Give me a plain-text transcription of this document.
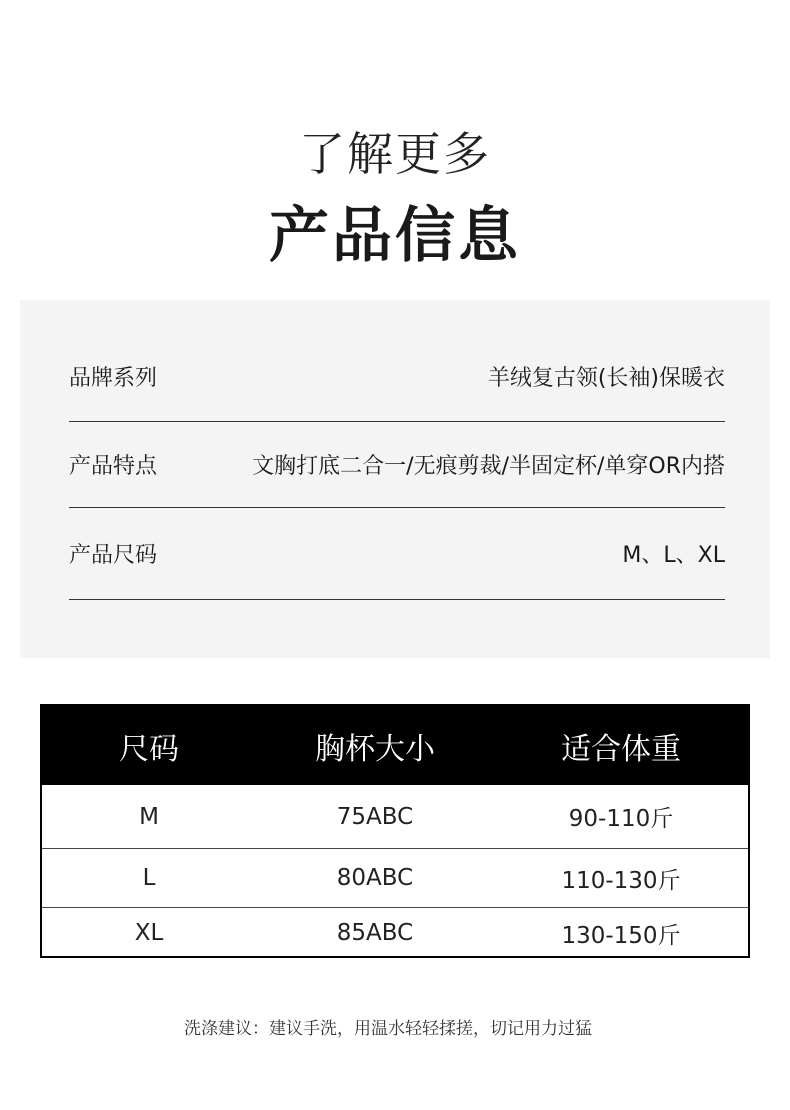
了解更多
产品信息
品牌系列	羊绒复古领(长袖)保暖衣
产品特点	文胸打底二合一/无痕剪裁/半固定杯/单穿OR内搭
产品尺码	M、L、XL
尺码	胸杯大小	适合体重
M	75ABC	90-110斤
L	80ABC	110-130斤
XL	85ABC	130-150斤
洗涤建议：建议手洗，用温水轻轻揉搓，切记用力过猛
